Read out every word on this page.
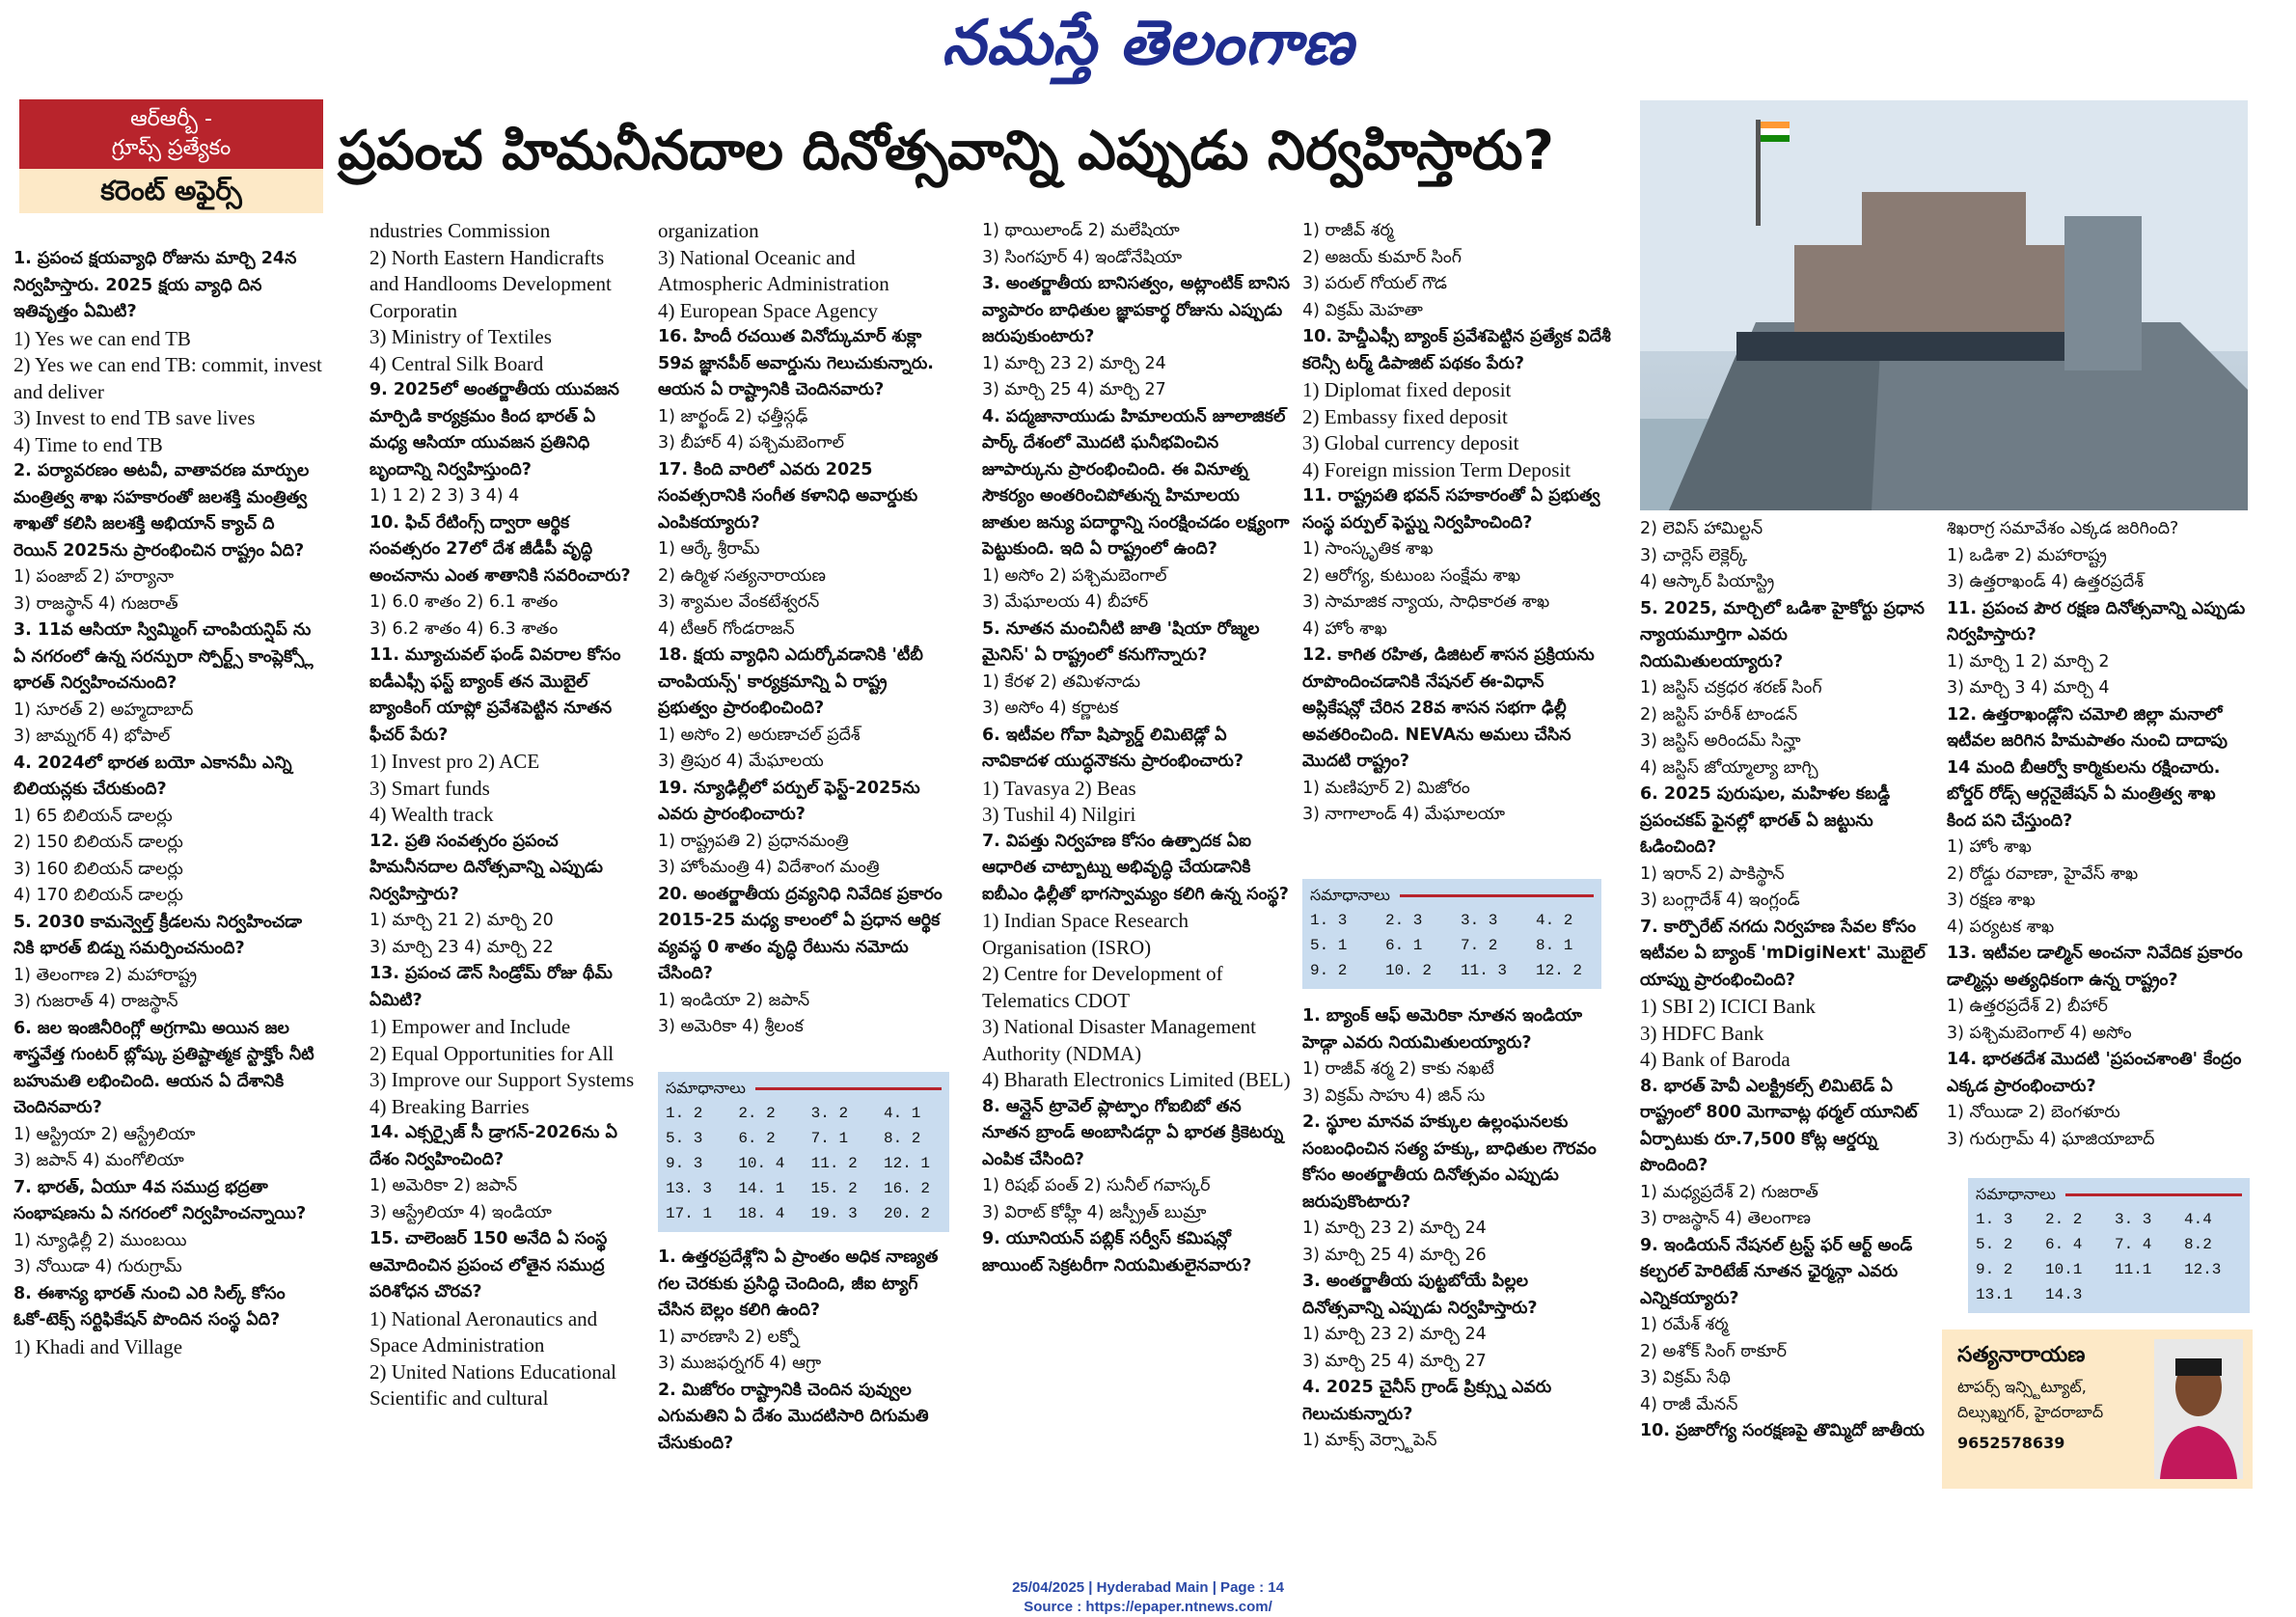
నమస్తే తెలంగాణ
ఆర్ఆర్బీ -
గ్రూప్స్ ప్రత్యేకం
కరెంట్ అఫైర్స్
ప్రపంచ హిమనీనదాల దినోత్సవాన్ని ఎప్పుడు నిర్వహిస్తారు?

1. ప్రపంచ క్షయవ్యాధి రోజును మార్చి 24న నిర్వహిస్తారు. 2025 క్షయ వ్యాధి దిన ఇతివృత్తం ఏమిటి?

1) Yes we can end TB

2) Yes we can end TB: commit, invest and deliver

3) Invest to end TB save lives

4) Time to end TB

2. పర్యావరణం అటవీ, వాతావరణ మార్పుల మంత్రిత్వ శాఖ సహకారంతో జలశక్తి మంత్రిత్వ శాఖతో కలిసి జలశక్తి అభియాన్ క్యాచ్ ది రెయిన్ 2025ను ప్రారంభించిన రాష్ట్రం ఏది?

1) పంజాబ్ 2) హర్యానా

3) రాజస్థాన్ 4) గుజరాత్

3. 11వ ఆసియా స్విమ్మింగ్ చాంపియన్షిప్ ను ఏ నగరంలో ఉన్న సరన్పురా స్పోర్ట్స్ కాంప్లెక్స్లో భారత్ నిర్వహించనుంది?

1) సూరత్ 2) అహ్మదాబాద్

3) జామ్నగర్ 4) భోపాల్

4. 2024లో భారత బయో ఎకానమీ ఎన్ని బిలియన్లకు చేరుకుంది?

1) 65 బిలియన్ డాలర్లు

2) 150 బిలియన్ డాలర్లు

3) 160 బిలియన్ డాలర్లు

4) 170 బిలియన్ డాలర్లు

5. 2030 కామన్వెల్త్ క్రీడలను నిర్వహించడా నికి భారత్ బిడ్ను సమర్పించనుంది?

1) తెలంగాణ 2) మహారాష్ట్ర

3) గుజరాత్ 4) రాజస్థాన్

6. జల ఇంజినీరింగ్లో అగ్రగామి అయిన జల శాస్త్రవేత్త గుంటర్ బ్లోష్కు ప్రతిష్టాత్మక స్టాక్హోం నీటి బహుమతి లభించింది. ఆయన ఏ దేశానికి చెందినవారు?

1) ఆస్ట్రియా 2) ఆస్ట్రేలియా

3) జపాన్ 4) మంగోలియా

7. భారత్, ఏయూ 4వ సముద్ర భద్రతా సంభాషణను ఏ నగరంలో నిర్వహించన్నాయి?

1) న్యూఢిల్లీ 2) ముంబయి

3) నోయిడా 4) గురుగ్రామ్

8. ఈశాన్య భారత్ నుంచి ఎరి సిల్క్ కోసం ఓకో-టెక్స్ సర్టిఫికేషన్ పొందిన సంస్థ ఏది?

1) Khadi and Village

ndustries Commission

2) North Eastern Handicrafts and Handlooms Development Corporatin

3) Ministry of Textiles

4) Central Silk Board

9. 2025లో అంతర్జాతీయ యువజన మార్పిడి కార్యక్రమం కింద భారత్ ఏ మధ్య ఆసియా యువజన ప్రతినిధి బృందాన్ని నిర్వహిస్తుంది?

1) 1 2) 2 3) 3 4) 4

10. ఫిచ్ రేటింగ్స్ ద్వారా ఆర్థిక సంవత్సరం 27లో దేశ జీడీపీ వృద్ధి అంచనాను ఎంత శాతానికి సవరించారు?

1) 6.0 శాతం 2) 6.1 శాతం

3) 6.2 శాతం 4) 6.3 శాతం

11. మ్యూచువల్ ఫండ్ వివరాల కోసం ఐడీఎఫ్సీ ఫస్ట్ బ్యాంక్ తన మొబైల్ బ్యాంకింగ్ యాప్లో ప్రవేశపెట్టిన నూతన ఫీచర్ పేరు?

1) Invest pro 2) ACE

3) Smart funds

4) Wealth track

12. ప్రతి సంవత్సరం ప్రపంచ హిమనీనదాల దినోత్సవాన్ని ఎప్పుడు నిర్వహిస్తారు?

1) మార్చి 21 2) మార్చి 20

3) మార్చి 23 4) మార్చి 22

13. ప్రపంచ డౌన్ సిండ్రోమ్ రోజు థీమ్ ఏమిటి?

1) Empower and Include

2) Equal Opportunities for All

3) Improve our Support Systems

4) Breaking Barries

14. ఎక్సర్సైజ్ సీ డ్రాగన్-2026ను ఏ దేశం నిర్వహించింది?

1) అమెరికా 2) జపాన్

3) ఆస్ట్రేలియా 4) ఇండియా

15. చాలెంజర్ 150 అనేది ఏ సంస్థ ఆమోదించిన ప్రపంచ లోతైన సముద్ర పరిశోధన చొరవ?

1) National Aeronautics and Space Administration

2) United Nations Educational Scientific and cultural

organization

3) National Oceanic and Atmospheric Administration

4) European Space Agency

16. హిందీ రచయిత వినోద్కుమార్ శుక్లా 59వ జ్ఞానపీఠ్ అవార్డును గెలుచుకున్నారు. ఆయన ఏ రాష్ట్రానికి చెందినవారు?

1) జార్ఖండ్ 2) ఛత్తీస్గఢ్

3) బీహార్ 4) పశ్చిమబెంగాల్

17. కింది వారిలో ఎవరు 2025 సంవత్సరానికి సంగీత కళానిధి అవార్డుకు ఎంపికయ్యారు?

1) ఆర్కే శ్రీరామ్

2) ఉర్మిళ సత్యనారాయణ

3) శ్యామల వేంకటేశ్వరన్

4) టీఆర్ గోండరాజన్

18. క్షయ వ్యాధిని ఎదుర్కోవడానికి 'టీబీ చాంపియన్స్' కార్యక్రమాన్ని ఏ రాష్ట్ర ప్రభుత్వం ప్రారంభించింది?

1) అసోం 2) అరుణాచల్ ప్రదేశ్

3) త్రిపుర 4) మేఘాలయ

19. న్యూఢిల్లీలో పర్పుల్ ఫెస్ట్-2025ను ఎవరు ప్రారంభించారు?

1) రాష్ట్రపతి 2) ప్రధానమంత్రి

3) హోంమంత్రి 4) విదేశాంగ మంత్రి

20. అంతర్జాతీయ ద్రవ్యనిధి నివేదిక ప్రకారం 2015-25 మధ్య కాలంలో ఏ ప్రధాన ఆర్థిక వ్యవస్థ 0 శాతం వృద్ధి రేటును నమోదు చేసింది?

1) ఇండియా 2) జపాన్

3) అమెరికా 4) శ్రీలంక

సమాధానాలు
1. 2	2. 2	3. 2	4. 1
5. 3	6. 2	7. 1	8. 2
9. 3	10. 4	11. 2	12. 1
13. 3	14. 1	15. 2	16. 2
17. 1	18. 4	19. 3	20. 2

1. ఉత్తరప్రదేశ్లోని ఏ ప్రాంతం అధిక నాణ్యత గల చెరకుకు ప్రసిద్ధి చెందింది, జీఐ ట్యాగ్ చేసిన బెల్లం కలిగి ఉంది?

1) వారణాసి 2) లక్నో

3) ముజఫర్నగర్ 4) ఆగ్రా

2. మిజోరం రాష్ట్రానికి చెందిన పువ్వుల ఎగుమతిని ఏ దేశం మొదటిసారి దిగుమతి చేసుకుంది?

1) థాయిలాండ్ 2) మలేషియా

3) సింగపూర్ 4) ఇండోనేషియా

3. అంతర్జాతీయ బానిసత్వం, అట్లాంటిక్ బానిస వ్యాపారం బాధితుల జ్ఞాపకార్థ రోజును ఎప్పుడు జరుపుకుంటారు?

1) మార్చి 23 2) మార్చి 24

3) మార్చి 25 4) మార్చి 27

4. పద్మజానాయుడు హిమాలయన్ జూలాజికల్ పార్క్ దేశంలో మొదటి ఘనీభవించిన జూపార్కును ప్రారంభించింది. ఈ వినూత్న సౌకర్యం అంతరించిపోతున్న హిమాలయ జాతుల జన్యు పదార్థాన్ని సంరక్షించడం లక్ష్యంగా పెట్టుకుంది. ఇది ఏ రాష్ట్రంలో ఉంది?

1) అసోం 2) పశ్చిమబెంగాల్

3) మేఘాలయ 4) బీహార్

5. నూతన మంచినీటి జాతి 'షియా రోజ్మల మైనిస్' ఏ రాష్ట్రంలో కనుగొన్నారు?

1) కేరళ 2) తమిళనాడు

3) అసోం 4) కర్ణాటక

6. ఇటీవల గోవా షిప్యార్డ్ లిమిటెడ్లో ఏ నావికాదళ యుద్ధనౌకను ప్రారంభించారు?

1) Tavasya 2) Beas

3) Tushil 4) Nilgiri

7. విపత్తు నిర్వహణ కోసం ఉత్పాదక ఏఐ ఆధారిత చాట్బాట్ను అభివృద్ధి చేయడానికి ఐబీఎం ఢిల్లీతో భాగస్వామ్యం కలిగి ఉన్న సంస్థ?

1) Indian Space Research Organisation (ISRO)

2) Centre for Development of Telematics CDOT

3) National Disaster Management Authority (NDMA)

4) Bharath Electronics Limited (BEL)

8. ఆన్లైన్ ట్రావెల్ ప్లాట్ఫాం గోఐబిబో తన నూతన బ్రాండ్ అంబాసిడర్గా ఏ భారత క్రికెటర్ను ఎంపిక చేసింది?

1) రిషభ్ పంత్ 2) సునీల్ గవాస్కర్

3) విరాట్ కోహ్లీ 4) జస్ప్రీత్ బుమ్రా

9. యూనియన్ పబ్లిక్ సర్వీస్ కమిషన్లో జాయింట్ సెక్రటరీగా నియమితులైనవారు?

1) రాజీవ్ శర్మ

2) అజయ్ కుమార్ సింగ్

3) పరుల్ గోయల్ గౌడ

4) విక్రమ్ మెహతా

10. హెచ్డీఎఫ్సీ బ్యాంక్ ప్రవేశపెట్టిన ప్రత్యేక విదేశీ కరెన్సీ టర్మ్ డిపాజిట్ పథకం పేరు?

1) Diplomat fixed deposit

2) Embassy fixed deposit

3) Global currency deposit

4) Foreign mission Term Deposit

11. రాష్ట్రపతి భవన్ సహకారంతో ఏ ప్రభుత్వ సంస్థ పర్పుల్ ఫెస్ట్ను నిర్వహించింది?

1) సాంస్కృతిక శాఖ

2) ఆరోగ్య, కుటుంబ సంక్షేమ శాఖ

3) సామాజిక న్యాయ, సాధికారత శాఖ

4) హోం శాఖ

12. కాగిత రహిత, డిజిటల్ శాసన ప్రక్రియను రూపొందించడానికి నేషనల్ ఈ-విధాన్ అప్లికేషన్లో చేరిన 28వ శాసన సభగా ఢిల్లీ అవతరించింది. NEVAను అమలు చేసిన మొదటి రాష్ట్రం?

1) మణిపూర్ 2) మిజోరం

3) నాగాలాండ్ 4) మేఘాలయా

సమాధానాలు
1. 3	2. 3	3. 3	4. 2
5. 1	6. 1	7. 2	8. 1
9. 2	10. 2	11. 3	12. 2

1. బ్యాంక్ ఆఫ్ అమెరికా నూతన ఇండియా హెడ్గా ఎవరు నియమితులయ్యారు?

1) రాజీవ్ శర్మ 2) కాకు నఖటే

3) విక్రమ్ సాహు 4) జిన్ సు

2. స్థూల మానవ హక్కుల ఉల్లంఘనలకు సంబంధించిన సత్య హక్కు, బాధితుల గౌరవం కోసం అంతర్జాతీయ దినోత్సవం ఎప్పుడు జరుపుకొంటారు?

1) మార్చి 23 2) మార్చి 24

3) మార్చి 25 4) మార్చి 26

3. అంతర్జాతీయ పుట్టబోయే పిల్లల దినోత్సవాన్ని ఎప్పుడు నిర్వహిస్తారు?

1) మార్చి 23 2) మార్చి 24

3) మార్చి 25 4) మార్చి 27

4. 2025 చైనీస్ గ్రాండ్ ప్రిక్స్ను ఎవరు గెలుచుకున్నారు?

1) మాక్స్ వెర్స్టాపెన్

2) లెవిస్ హామిల్టన్

3) చార్లెస్ లెక్లెర్క్

4) ఆస్కార్ పియాస్ట్రి

5. 2025, మార్చిలో ఒడిశా హైకోర్టు ప్రధాన న్యాయమూర్తిగా ఎవరు నియమితులయ్యారు?

1) జస్టిస్ చక్రధర శరణ్ సింగ్

2) జస్టిస్ హరీశ్ టాండన్

3) జస్టిస్ అరిందమ్ సిన్హా

4) జస్టిస్ జోయ్మాల్యా బాగ్చి

6. 2025 పురుషుల, మహిళల కబడ్డీ ప్రపంచకప్ ఫైనల్లో భారత్ ఏ జట్టును ఓడించింది?

1) ఇరాన్ 2) పాకిస్థాన్

3) బంగ్లాదేశ్ 4) ఇంగ్లండ్

7. కార్పొరేట్ నగదు నిర్వహణ సేవల కోసం ఇటీవల ఏ బ్యాంక్ 'mDigiNext' మొబైల్ యాప్ను ప్రారంభించింది?

1) SBI 2) ICICI Bank

3) HDFC Bank

4) Bank of Baroda

8. భారత్ హెవీ ఎలక్ట్రికల్స్ లిమిటెడ్ ఏ రాష్ట్రంలో 800 మెగావాట్ల థర్మల్ యూనిట్ ఏర్పాటుకు రూ.7,500 కోట్ల ఆర్డర్ను పొందింది?

1) మధ్యప్రదేశ్ 2) గుజరాత్

3) రాజస్థాన్ 4) తెలంగాణ

9. ఇండియన్ నేషనల్ ట్రస్ట్ ఫర్ ఆర్ట్ అండ్ కల్చరల్ హెరిటేజ్ నూతన ఛైర్మన్గా ఎవరు ఎన్నికయ్యారు?

1) రమేశ్ శర్మ

2) అశోక్ సింగ్ ఠాకూర్

3) విక్రమ్ సేథి

4) రాజీ మేనన్

10. ప్రజారోగ్య సంరక్షణపై తొమ్మిదో జాతీయ

శిఖరాగ్ర సమావేశం ఎక్కడ జరిగింది?

1) ఒడిశా 2) మహారాష్ట్ర

3) ఉత్తరాఖండ్ 4) ఉత్తరప్రదేశ్

11. ప్రపంచ పౌర రక్షణ దినోత్సవాన్ని ఎప్పుడు నిర్వహిస్తారు?

1) మార్చి 1 2) మార్చి 2

3) మార్చి 3 4) మార్చి 4

12. ఉత్తరాఖండ్లోని చమోలి జిల్లా మనాలో ఇటీవల జరిగిన హిమపాతం నుంచి దాదాపు 14 మంది బీఆర్వో కార్మికులను రక్షించారు. బోర్డర్ రోడ్స్ ఆర్గనైజేషన్ ఏ మంత్రిత్వ శాఖ కింద పని చేస్తుంది?

1) హోం శాఖ

2) రోడ్డు రవాణా, హైవేస్ శాఖ

3) రక్షణ శాఖ

4) పర్యటక శాఖ

13. ఇటీవల డాల్మిన్ అంచనా నివేదిక ప్రకారం డాల్మిన్లు అత్యధికంగా ఉన్న రాష్ట్రం?

1) ఉత్తరప్రదేశ్ 2) బీహార్

3) పశ్చిమబెంగాల్ 4) అసోం

14. భారతదేశ మొదటి 'ప్రపంచశాంతి' కేంద్రం ఎక్కడ ప్రారంభించారు?

1) నోయిడా 2) బెంగళూరు

3) గురుగ్రామ్ 4) ఘాజియాబాద్

సమాధానాలు
1. 3	2. 2	3. 3	4.4
5. 2	6. 4	7. 4	8.2
9. 2	10.1	11.1	12.3
13.1	14.3
సత్యనారాయణ
టాపర్స్ ఇన్స్టిట్యూట్,
దిల్సుఖ్నగర్, హైదరాబాద్
9652578639
25/04/2025 | Hyderabad Main | Page : 14
Source : https://epaper.ntnews.com/
